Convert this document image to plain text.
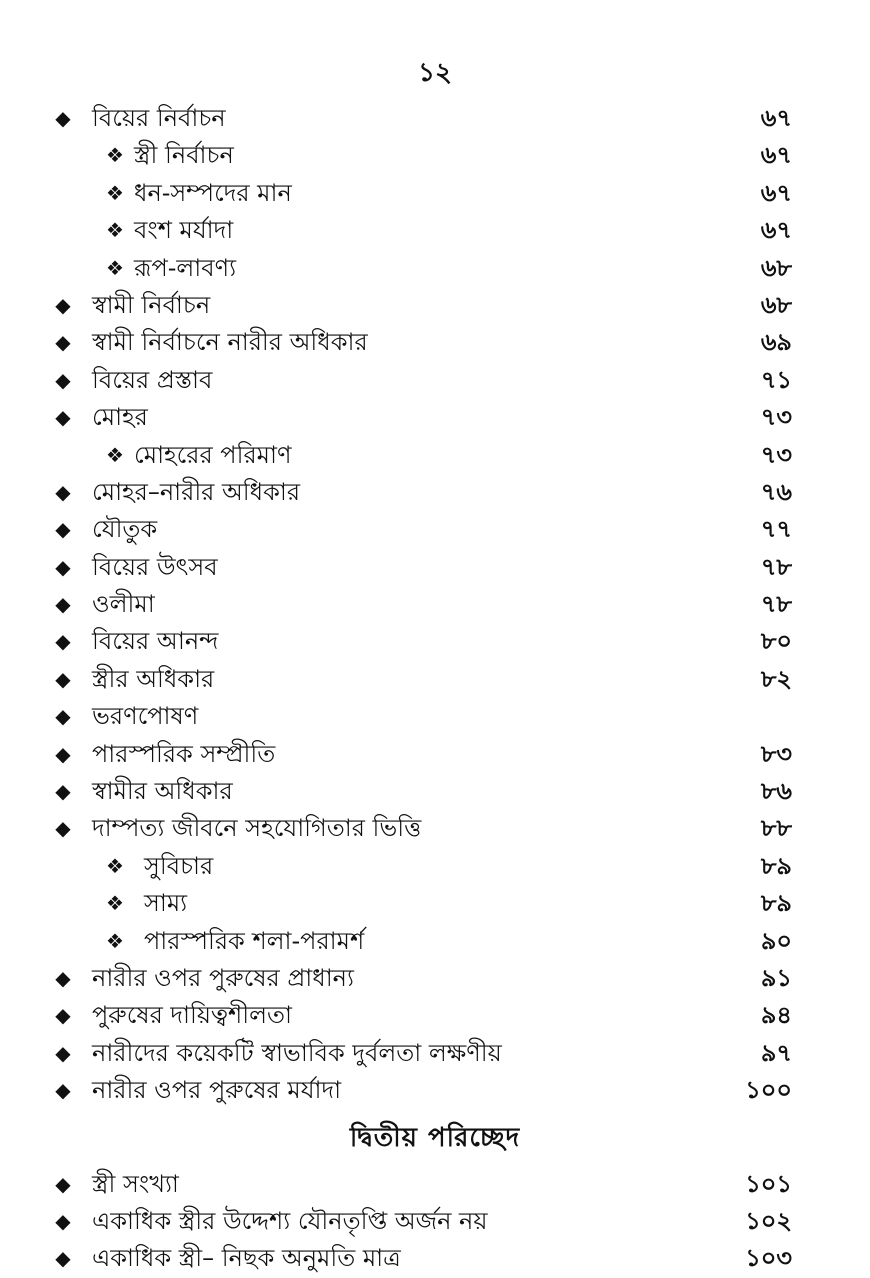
১২
◆ বিয়ের নির্বাচন	৬৭
❖ স্ত্রী নির্বাচন	৬৭
❖ ধন-সম্পদের মান	৬৭
❖ বংশ মর্যাদা	৬৭
❖ রূপ-লাবণ্য	৬৮
◆ স্বামী নির্বাচন	৬৮
◆ স্বামী নির্বাচনে নারীর অধিকার	৬৯
◆ বিয়ের প্রস্তাব	৭১
◆ মোহর	৭৩
❖ মোহরের পরিমাণ	৭৩
◆ মোহর–নারীর অধিকার	৭৬
◆ যৌতুক	৭৭
◆ বিয়ের উৎসব	৭৮
◆ ওলীমা	৭৮
◆ বিয়ের আনন্দ	৮০
◆ স্ত্রীর অধিকার	৮২
◆ ভরণপোষণ
◆ পারস্পরিক সম্প্রীতি	৮৩
◆ স্বামীর অধিকার	৮৬
◆ দাম্পত্য জীবনে সহযোগিতার ভিত্তি	৮৮
❖ সুবিচার	৮৯
❖ সাম্য	৮৯
❖ পারস্পরিক শলা-পরামর্শ	৯০
◆ নারীর ওপর পুরুষের প্রাধান্য	৯১
◆ পুরুষের দায়িত্বশীলতা	৯৪
◆ নারীদের কয়েকটি স্বাভাবিক দুর্বলতা লক্ষণীয়	৯৭
◆ নারীর ওপর পুরুষের মর্যাদা	১০০
দ্বিতীয় পরিচ্ছেদ
◆ স্ত্রী সংখ্যা	১০১
◆ একাধিক স্ত্রীর উদ্দেশ্য যৌনতৃপ্তি অর্জন নয়	১০২
◆ একাধিক স্ত্রী– নিছক অনুমতি মাত্র	১০৩
